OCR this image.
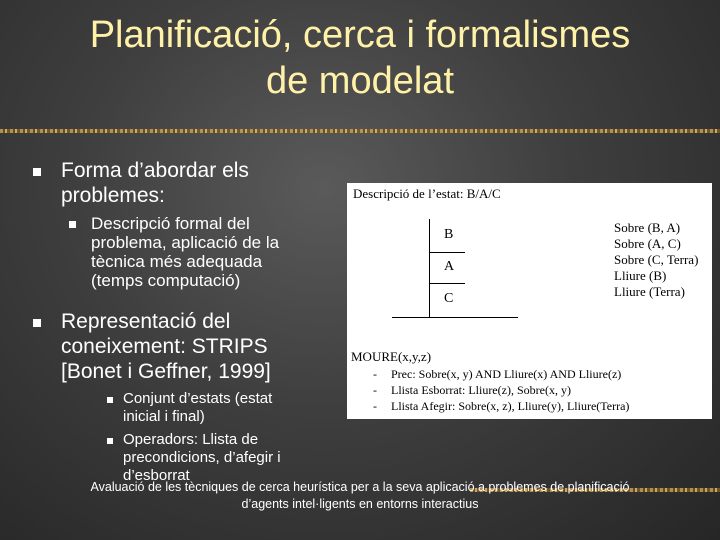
Planificació, cerca i formalismes
de modelat
Forma d’abordar els
problemes:
Descripció formal del
problema, aplicació de la
tècnica més adequada
(temps computació)
Representació del
coneixement: STRIPS
[Bonet i Geffner, 1999]
Conjunt d’estats (estat
inicial i final)
Operadors: Llista de
precondicions, d’afegir i
d’esborrat
Descripció de l’estat: B/A/C
B
A
C
Sobre (B, A)
Sobre (A, C)
Sobre (C, Terra)
Lliure (B)
Lliure (Terra)
MOURE(x,y,z)
- Prec: Sobre(x, y) AND Lliure(x) AND Lliure(z)
- Llista Esborrat: Lliure(z), Sobre(x, y)
- Llista Afegir: Sobre(x, z), Lliure(y), Lliure(Terra)
Avaluació de les tècniques de cerca heurística per a la seva aplicació a problemes de planificació
d’agents intel·ligents en entorns interactius
